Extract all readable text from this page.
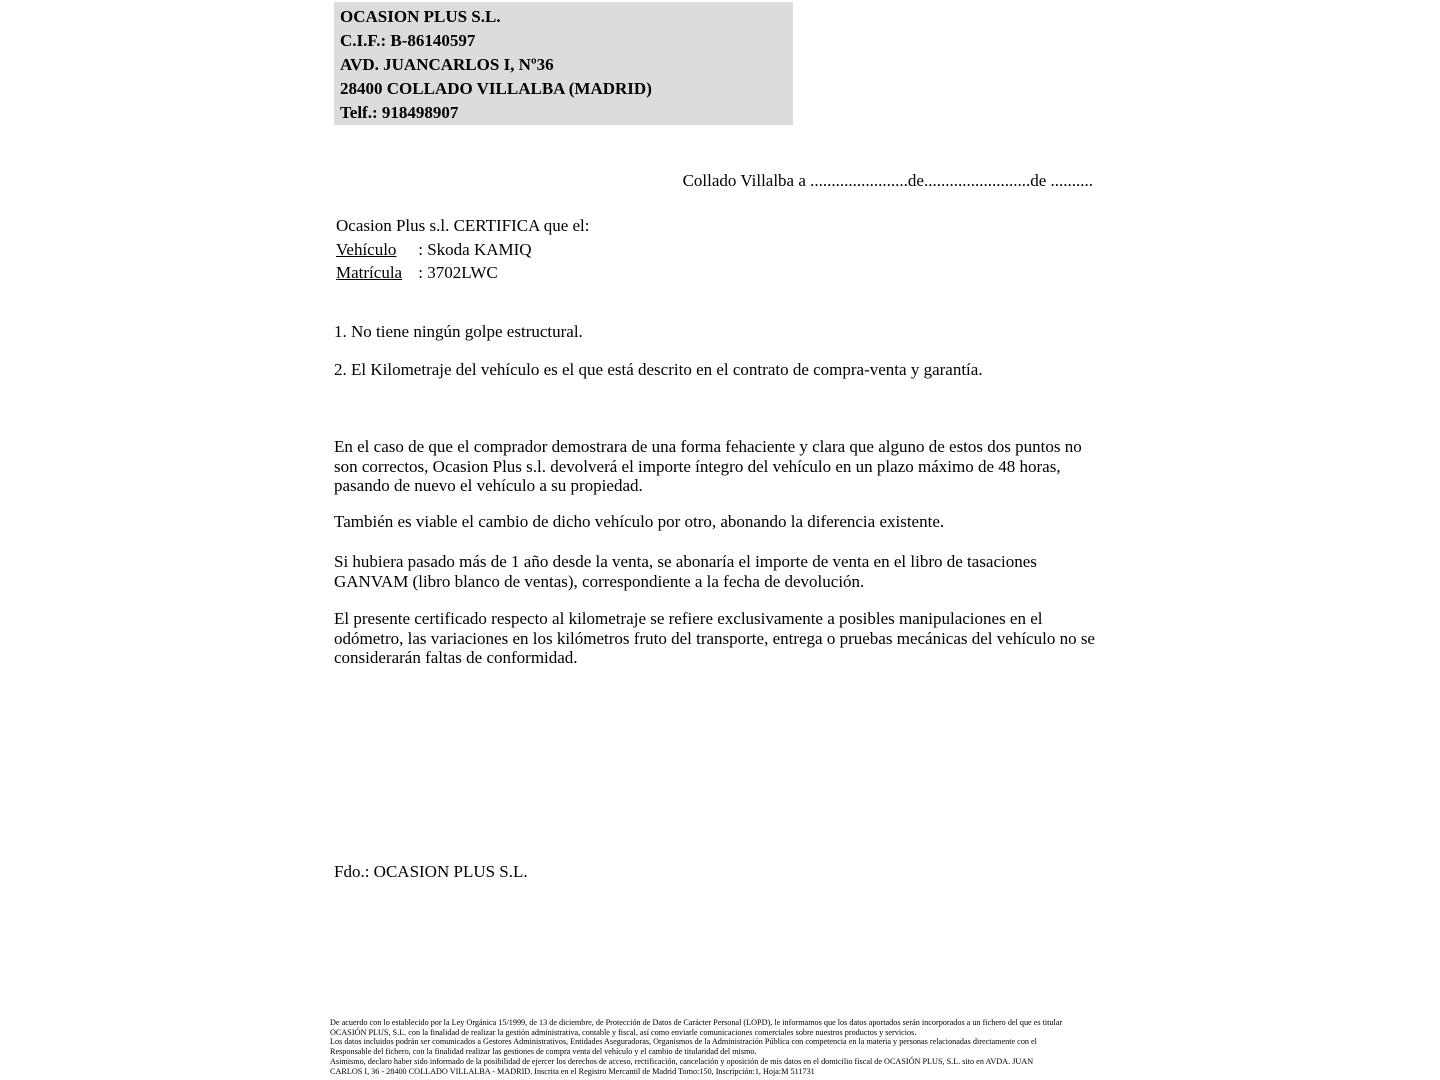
OCASION PLUS S.L.
C.I.F.: B-86140597
AVD. JUANCARLOS I, Nº36
28400 COLLADO VILLALBA (MADRID)
Telf.: 918498907
Collado Villalba a .......................de.........................de ..........
Ocasion Plus s.l. CERTIFICA que el:
Vehículo : Skoda KAMIQ
Matrícula : 3702LWC
1. No tiene ningún golpe estructural.
2. El Kilometraje del vehículo es el que está descrito en el contrato de compra-venta y garantía.
En el caso de que el comprador demostrara de una forma fehaciente y clara que alguno de estos dos puntos no son correctos, Ocasion Plus s.l. devolverá el importe íntegro del vehículo en un plazo máximo de 48 horas, pasando de nuevo el vehículo a su propiedad.
También es viable el cambio de dicho vehículo por otro, abonando la diferencia existente.
Si hubiera pasado más de 1 año desde la venta, se abonaría el importe de venta en el libro de tasaciones GANVAM (libro blanco de ventas), correspondiente a la fecha de devolución.
El presente certificado respecto al kilometraje se refiere exclusivamente a posibles manipulaciones en el odómetro, las variaciones en los kilómetros fruto del transporte, entrega o pruebas mecánicas del vehículo no se considerarán faltas de conformidad.
Fdo.: OCASION PLUS S.L.
De acuerdo con lo establecido por la Ley Orgánica 15/1999, de 13 de diciembre, de Protección de Datos de Carácter Personal (LOPD), le informamos que los datos aportados serán incorporados a un fichero del que es titular
OCASIÓN PLUS, S.L. con la finalidad de realizar la gestión administrativa, contable y fiscal, así como enviarle comunicaciones comerciales sobre nuestros productos y servicios.
Los datos incluidos podrán ser comunicados a Gestores Administrativos, Entidades Aseguradoras, Organismos de la Administración Pública con competencia en la materia y personas relacionadas directamente con el
Responsable del fichero, con la finalidad realizar las gestiones de compra venta del vehículo y el cambio de titularidad del mismo.
Asimismo, declaro haber sido informado de la posibilidad de ejercer los derechos de acceso, rectificación, cancelación y oposición de mis datos en el domicilio fiscal de OCASIÓN PLUS, S.L. sito en AVDA. JUAN
CARLOS I, 36 - 28400 COLLADO VILLALBA - MADRID. Inscrita en el Registro Mercantil de Madrid Tomo:150, Inscripción:1, Hoja:M 511731
